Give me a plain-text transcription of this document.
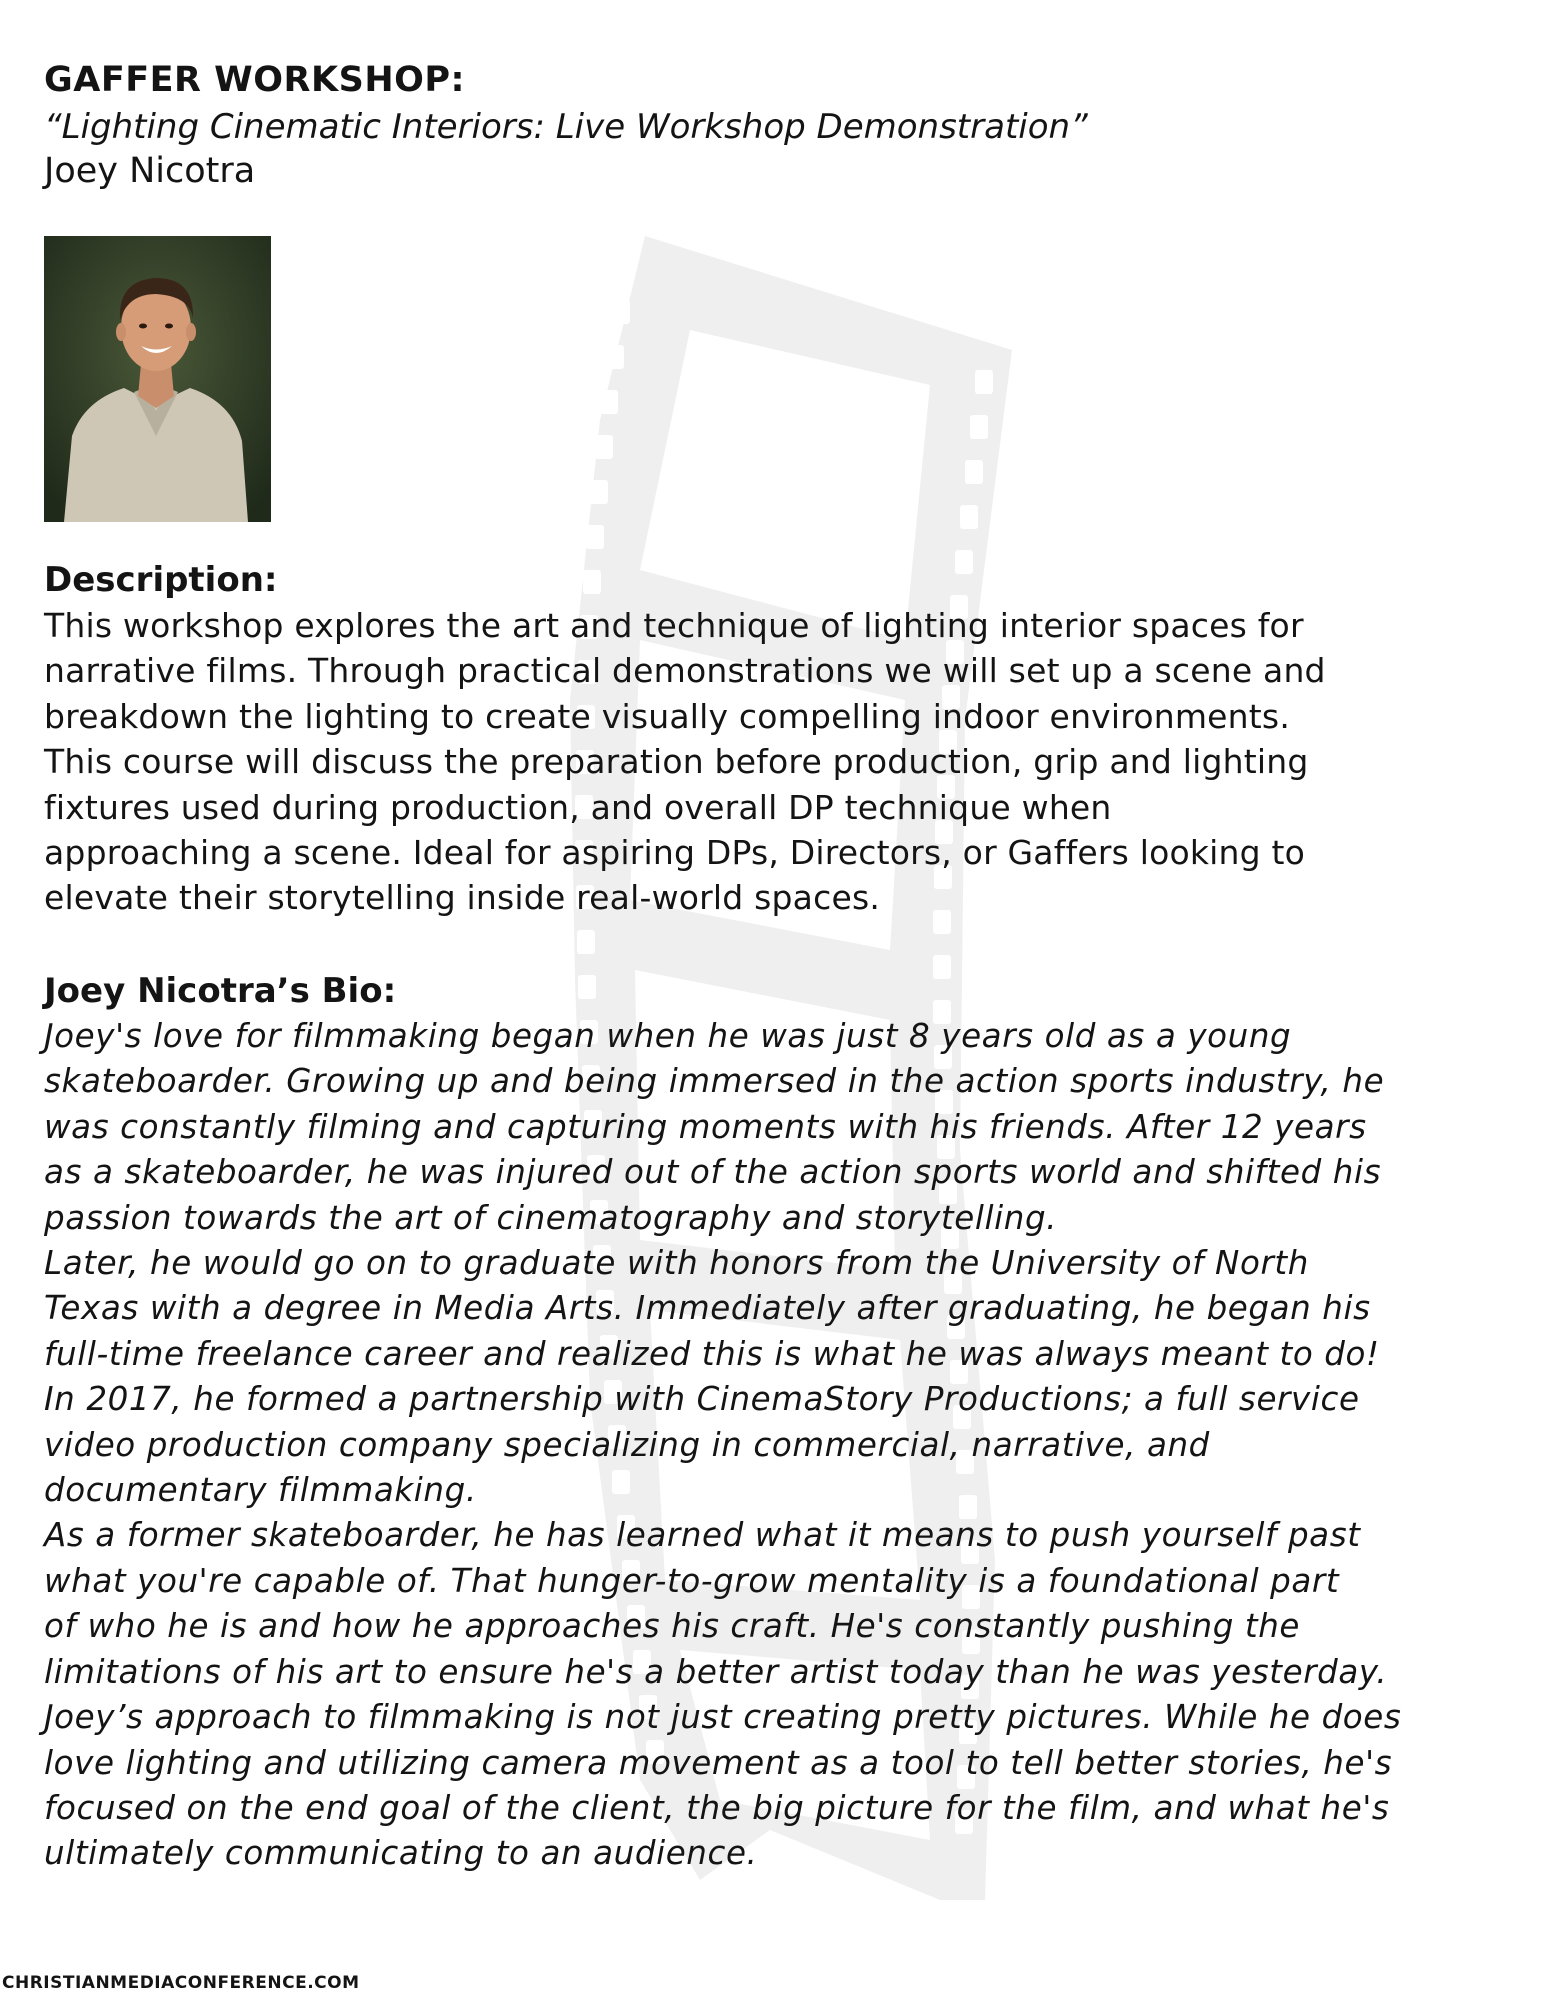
GAFFER WORKSHOP:
“Lighting Cinematic Interiors: Live Workshop Demonstration”
Joey Nicotra
Description:

This workshop explores the art and technique of lighting interior spaces for
narrative films. Through practical demonstrations we will set up a scene and
breakdown the lighting to create visually compelling indoor environments.
This course will discuss the preparation before production, grip and lighting
fixtures used during production, and overall DP technique when
approaching a scene. Ideal for aspiring DPs, Directors, or Gaffers looking to
elevate their storytelling inside real-world spaces.

Joey Nicotra’s Bio:

Joey's love for filmmaking began when he was just 8 years old as a young
skateboarder. Growing up and being immersed in the action sports industry, he
was constantly filming and capturing moments with his friends. After 12 years
as a skateboarder, he was injured out of the action sports world and shifted his
passion towards the art of cinematography and storytelling.
Later, he would go on to graduate with honors from the University of North
Texas with a degree in Media Arts. Immediately after graduating, he began his
full-time freelance career and realized this is what he was always meant to do!
In 2017, he formed a partnership with CinemaStory Productions; a full service
video production company specializing in commercial, narrative, and
documentary filmmaking.
As a former skateboarder, he has learned what it means to push yourself past
what you're capable of. That hunger-to-grow mentality is a foundational part
of who he is and how he approaches his craft. He's constantly pushing the
limitations of his art to ensure he's a better artist today than he was yesterday.
Joey’s approach to filmmaking is not just creating pretty pictures. While he does
love lighting and utilizing camera movement as a tool to tell better stories, he's
focused on the end goal of the client, the big picture for the film, and what he's
ultimately communicating to an audience.

CHRISTIANMEDIACONFERENCE.COM
